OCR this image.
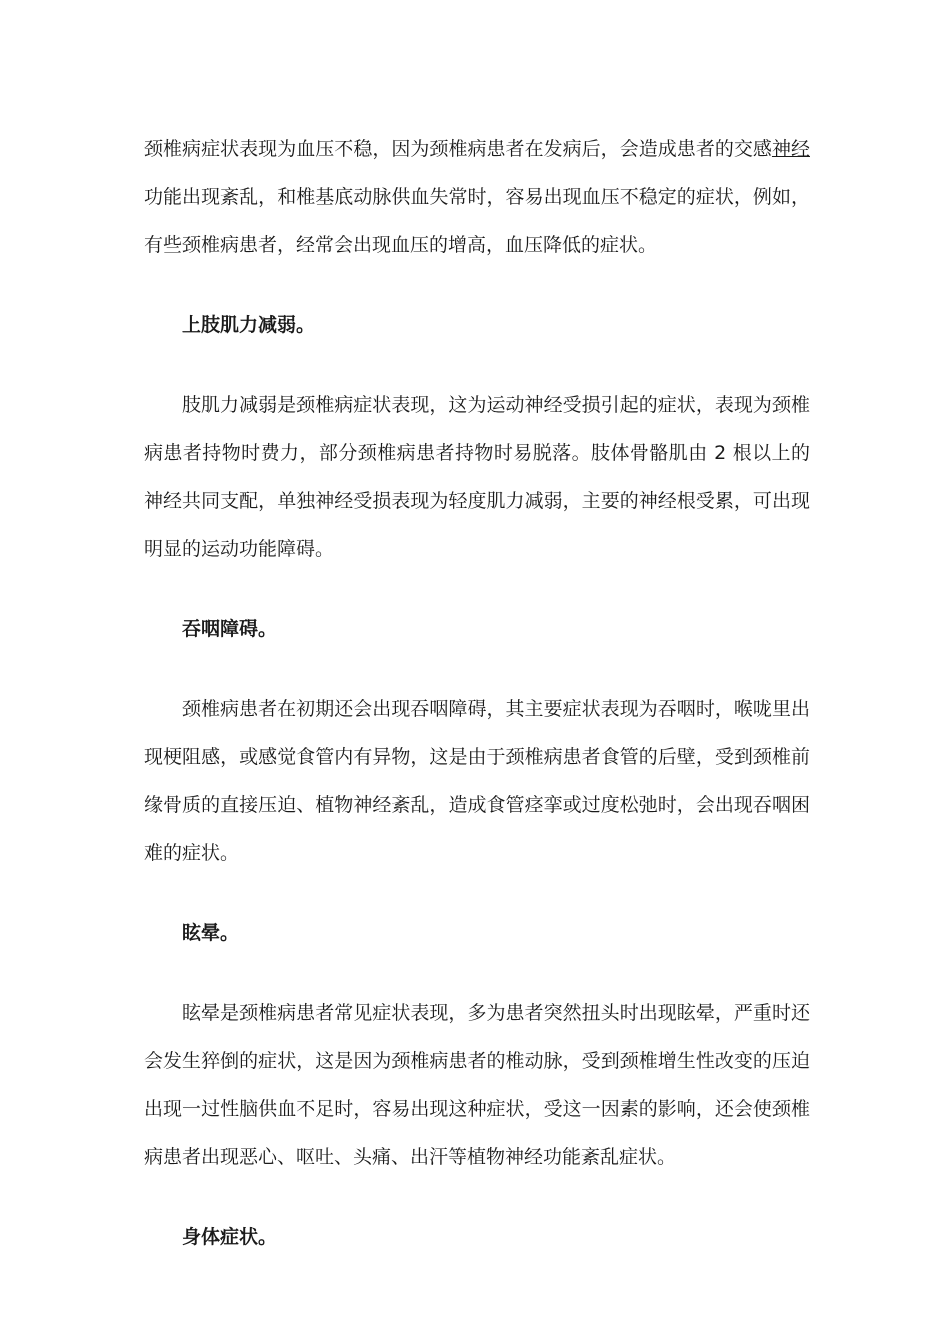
颈椎病症状表现为血压不稳，因为颈椎病患者在发病后，会造成患者的交感神经功能出现紊乱，和椎基底动脉供血失常时，容易出现血压不稳定的症状，例如，有些颈椎病患者，经常会出现血压的增高，血压降低的症状。

上肢肌力减弱。

肢肌力减弱是颈椎病症状表现，这为运动神经受损引起的症状，表现为颈椎病患者持物时费力，部分颈椎病患者持物时易脱落。肢体骨骼肌由 2 根以上的神经共同支配，单独神经受损表现为轻度肌力减弱，主要的神经根受累，可出现明显的运动功能障碍。

吞咽障碍。

颈椎病患者在初期还会出现吞咽障碍，其主要症状表现为吞咽时，喉咙里出现梗阻感，或感觉食管内有异物，这是由于颈椎病患者食管的后壁，受到颈椎前缘骨质的直接压迫、植物神经紊乱，造成食管痉挛或过度松弛时，会出现吞咽困难的症状。

眩晕。

眩晕是颈椎病患者常见症状表现，多为患者突然扭头时出现眩晕，严重时还会发生猝倒的症状，这是因为颈椎病患者的椎动脉，受到颈椎增生性改变的压迫出现一过性脑供血不足时，容易出现这种症状，受这一因素的影响，还会使颈椎病患者出现恶心、呕吐、头痛、出汗等植物神经功能紊乱症状。

身体症状。
